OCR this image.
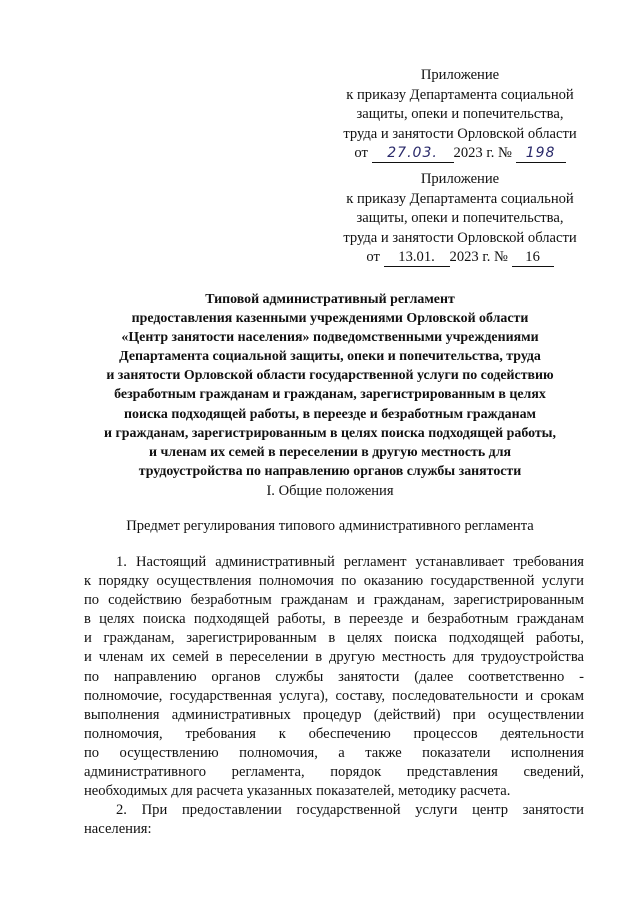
Приложение
к приказу Департамента социальной
защиты, опеки и попечительства,
труда и занятости Орловской области
от 27.03. 2023 г. № 198
Приложение
к приказу Департамента социальной
защиты, опеки и попечительства,
труда и занятости Орловской области
от 13.01. 2023 г. № 16
Типовой административный регламент
предоставления казенными учреждениями Орловской области
«Центр занятости населения» подведомственными учреждениями
Департамента социальной защиты, опеки и попечительства, труда
и занятости Орловской области государственной услуги по содействию
безработным гражданам и гражданам, зарегистрированным в целях
поиска подходящей работы, в переезде и безработным гражданам
и гражданам, зарегистрированным в целях поиска подходящей работы,
и членам их семей в переселении в другую местность для
трудоустройства по направлению органов службы занятости
I. Общие положения
Предмет регулирования типового административного регламента
1. Настоящий административный регламент устанавливает требования
к порядку осуществления полномочия по оказанию государственной услуги
по содействию безработным гражданам и гражданам, зарегистрированным
в целях поиска подходящей работы, в переезде и безработным гражданам
и гражданам, зарегистрированным в целях поиска подходящей работы,
и членам их семей в переселении в другую местность для трудоустройства
по направлению органов службы занятости (далее соответственно -
полномочие, государственная услуга), составу, последовательности и срокам
выполнения административных процедур (действий) при осуществлении
полномочия, требования к обеспечению процессов деятельности
по осуществлению полномочия, а также показатели исполнения
административного регламента, порядок представления сведений,
необходимых для расчета указанных показателей, методику расчета.
2. При предоставлении государственной услуги центр занятости
населения:
